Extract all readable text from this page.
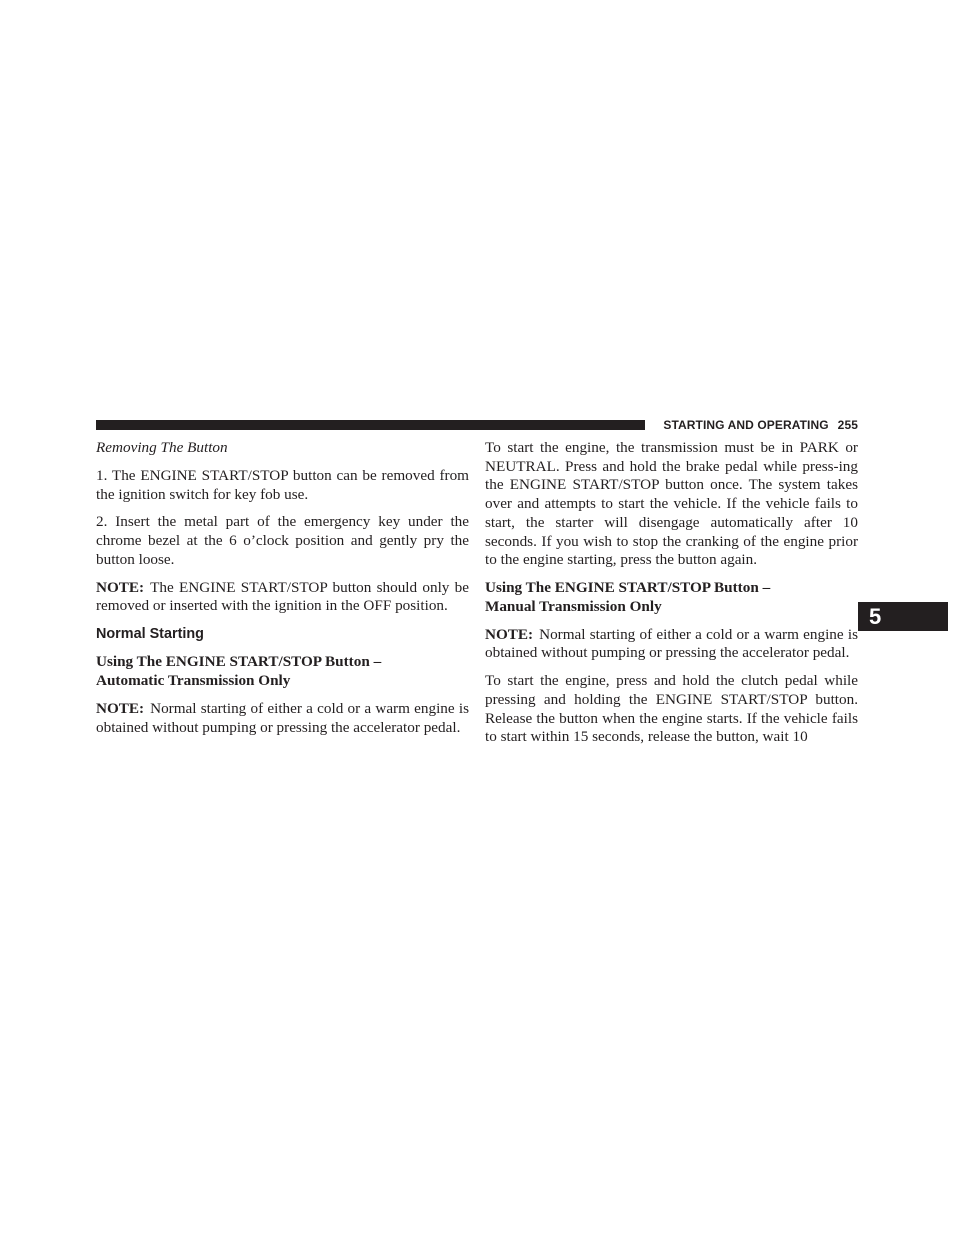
STARTING AND OPERATING 255
5

Removing The Button

1. The ENGINE START/STOP button can be removed from the ignition switch for key fob use.

2. Insert the metal part of the emergency key under the chrome bezel at the 6 o’clock position and gently pry the button loose.

NOTE: The ENGINE START/STOP button should only be removed or inserted with the ignition in the OFF position.

Normal Starting

Using The ENGINE START/STOP Button –
Automatic Transmission Only

NOTE: Normal starting of either a cold or a warm engine is obtained without pumping or pressing the accelerator pedal.

To start the engine, the transmission must be in PARK or NEUTRAL. Press and hold the brake pedal while press-ing the ENGINE START/STOP button once. The system takes over and attempts to start the vehicle. If the vehicle fails to start, the starter will disengage automatically after 10 seconds. If you wish to stop the cranking of the engine prior to the engine starting, press the button again.

Using The ENGINE START/STOP Button –
Manual Transmission Only

NOTE: Normal starting of either a cold or a warm engine is obtained without pumping or pressing the accelerator pedal.

To start the engine, press and hold the clutch pedal while pressing and holding the ENGINE START/STOP button. Release the button when the engine starts. If the vehicle fails to start within 15 seconds, release the button, wait 10
